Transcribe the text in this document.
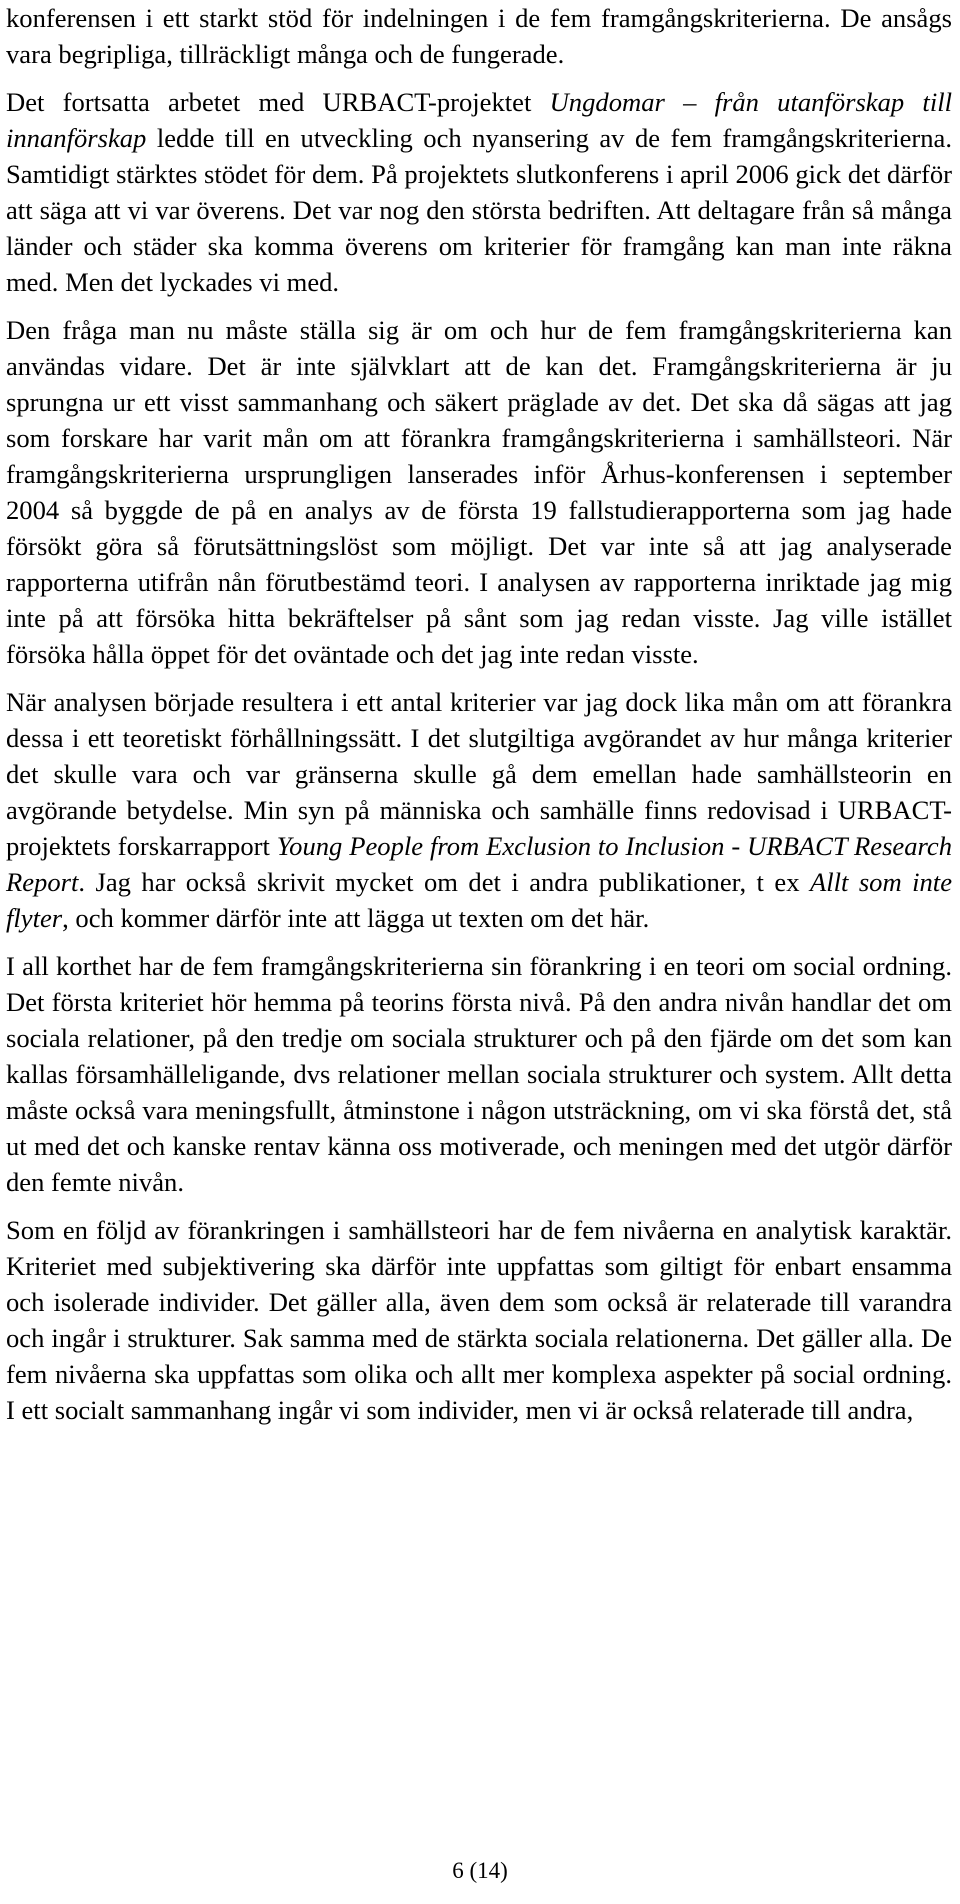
konferensen i ett starkt stöd för indelningen i de fem framgångskriterierna. De ansågs vara begripliga, tillräckligt många och de fungerade.

Det fortsatta arbetet med URBACT-projektet Ungdomar – från utanförskap till innanförskap ledde till en utveckling och nyansering av de fem framgångskriterierna. Samtidigt stärktes stödet för dem. På projektets slutkonferens i april 2006 gick det därför att säga att vi var överens. Det var nog den största bedriften. Att deltagare från så många länder och städer ska komma överens om kriterier för framgång kan man inte räkna med. Men det lyckades vi med.

Den fråga man nu måste ställa sig är om och hur de fem framgångskriterierna kan användas vidare. Det är inte självklart att de kan det. Framgångskriterierna är ju sprungna ur ett visst sammanhang och säkert präglade av det. Det ska då sägas att jag som forskare har varit mån om att förankra framgångskriterierna i samhällsteori. När framgångskriterierna ursprungligen lanserades inför Århus-konferensen i september 2004 så byggde de på en analys av de första 19 fallstudierapporterna som jag hade försökt göra så förutsättningslöst som möjligt. Det var inte så att jag analyserade rapporterna utifrån nån förutbestämd teori. I analysen av rapporterna inriktade jag mig inte på att försöka hitta bekräftelser på sånt som jag redan visste. Jag ville istället försöka hålla öppet för det oväntade och det jag inte redan visste.

När analysen började resultera i ett antal kriterier var jag dock lika mån om att förankra dessa i ett teoretiskt förhållningssätt. I det slutgiltiga avgörandet av hur många kriterier det skulle vara och var gränserna skulle gå dem emellan hade samhällsteorin en avgörande betydelse. Min syn på människa och samhälle finns redovisad i URBACT-projektets forskarrapport Young People from Exclusion to Inclusion - URBACT Research Report. Jag har också skrivit mycket om det i andra publikationer, t ex Allt som inte flyter, och kommer därför inte att lägga ut texten om det här.

I all korthet har de fem framgångskriterierna sin förankring i en teori om social ordning. Det första kriteriet hör hemma på teorins första nivå. På den andra nivån handlar det om sociala relationer, på den tredje om sociala strukturer och på den fjärde om det som kan kallas församhälleligande, dvs relationer mellan sociala strukturer och system. Allt detta måste också vara meningsfullt, åtminstone i någon utsträckning, om vi ska förstå det, stå ut med det och kanske rentav känna oss motiverade, och meningen med det utgör därför den femte nivån.

Som en följd av förankringen i samhällsteori har de fem nivåerna en analytisk karaktär. Kriteriet med subjektivering ska därför inte uppfattas som giltigt för enbart ensamma och isolerade individer. Det gäller alla, även dem som också är relaterade till varandra och ingår i strukturer. Sak samma med de stärkta sociala relationerna. Det gäller alla. De fem nivåerna ska uppfattas som olika och allt mer komplexa aspekter på social ordning. I ett socialt sammanhang ingår vi som individer, men vi är också relaterade till andra,

6 (14)
